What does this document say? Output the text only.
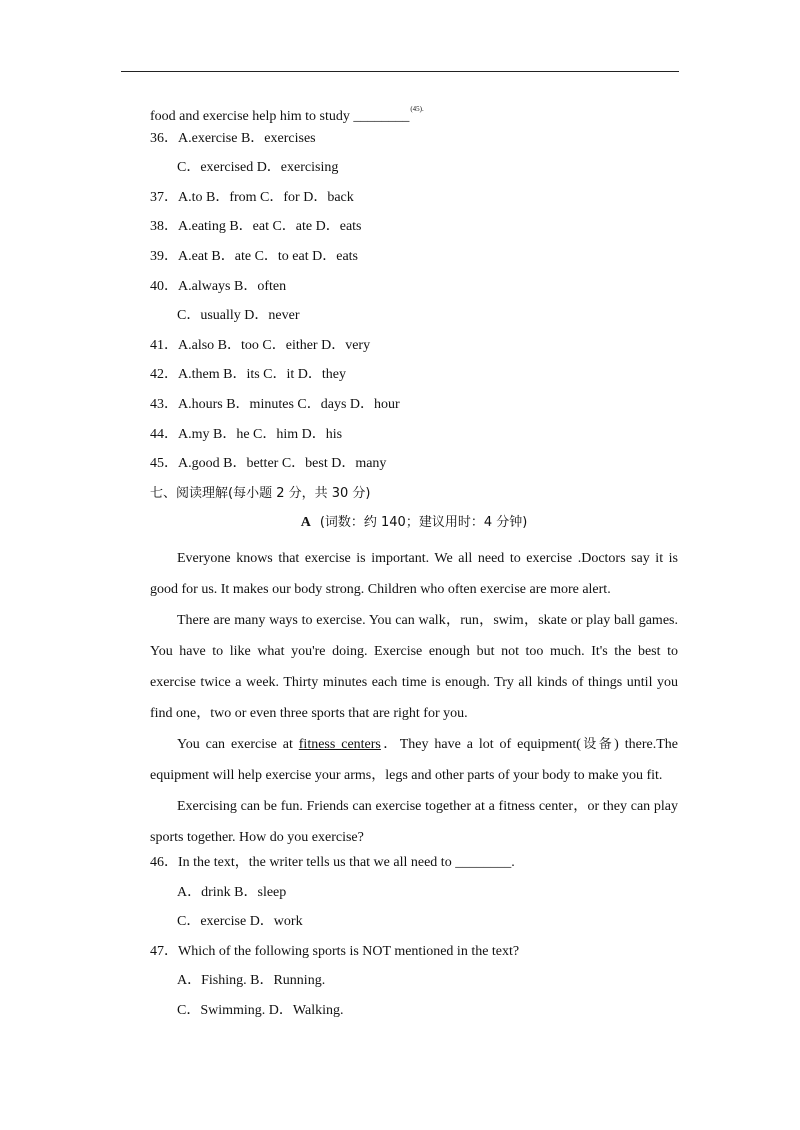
food and exercise help him to study ________$^{(45).}$
36．A.exercise B．exercises
C．exercised D．exercising
37．A.to B．from C．for D．back
38．A.eating B．eat C．ate D．eats
39．A.eat B．ate C．to eat D．eats
40．A.always B．often
C．usually D．never
41．A.also B．too C．either D．very
42．A.them B．its C．it D．they
43．A.hours B．minutes C．days D．hour
44．A.my B．he C．him D．his
45．A.good B．better C．best D．many
七、阅读理解(每小题 2 分，共 30 分)
A (词数：约 140；建议用时：4 分钟)

Everyone knows that exercise is important. We all need to exercise .Doctors say it is good for us. It makes our body strong. Children who often exercise are more alert.

There are many ways to exercise. You can walk，run，swim，skate or play ball games. You have to like what you're doing. Exercise enough but not too much. It's the best to exercise twice a week. Thirty minutes each time is enough. Try all kinds of things until you find one，two or even three sports that are right for you.

You can exercise at fitness centers．They have a lot of equipment(设备) there.The equipment will help exercise your arms，legs and other parts of your body to make you fit.

Exercising can be fun. Friends can exercise together at a fitness center，or they can play sports together. How do you exercise?

46．In the text，the writer tells us that we all need to ________.
A．drink B．sleep
C．exercise D．work
47．Which of the following sports is NOT mentioned in the text?
A．Fishing. B．Running.
C．Swimming. D．Walking.
